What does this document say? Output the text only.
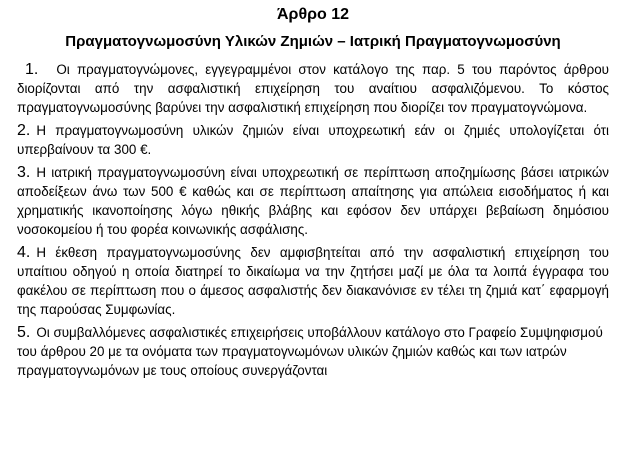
Άρθρο 12
Πραγματογνωμοσύνη Υλικών Ζημιών – Ιατρική Πραγματογνωμοσύνη

1. Οι πραγματογνώμονες, εγγεγραμμένοι στον κατάλογο της παρ. 5 του παρόντος άρθρου διορίζονται από την ασφαλιστική επιχείρηση του αναίτιου ασφαλιζόμενου. Το κόστος πραγματογνωμοσύνης βαρύνει την ασφαλιστική επιχείρηση που διορίζει τον πραγματογνώμονα.

2. Η πραγματογνωμοσύνη υλικών ζημιών είναι υποχρεωτική εάν οι ζημιές υπολογίζεται ότι υπερβαίνουν τα 300 €.

3. Η ιατρική πραγματογνωμοσύνη είναι υποχρεωτική σε περίπτωση αποζημίωσης βάσει ιατρικών αποδείξεων άνω των 500 € καθώς και σε περίπτωση απαίτησης για απώλεια εισοδήματος ή και χρηματικής ικανοποίησης λόγω ηθικής βλάβης και εφόσον δεν υπάρχει βεβαίωση δημόσιου νοσοκομείου ή του φορέα κοινωνικής ασφάλισης.

4. Η έκθεση πραγματογνωμοσύνης δεν αμφισβητείται από την ασφαλιστική επιχείρηση του υπαίτιου οδηγού η οποία διατηρεί το δικαίωμα να την ζητήσει μαζί με όλα τα λοιπά έγγραφα του φακέλου σε περίπτωση που ο άμεσος ασφαλιστής δεν διακανόνισε εν τέλει τη ζημιά κατ΄ εφαρμογή της παρούσας Συμφωνίας.

5. Οι συμβαλλόμενες ασφαλιστικές επιχειρήσεις υποβάλλουν κατάλογο στο Γραφείο Συμψηφισμού του άρθρου 20 με τα ονόματα των πραγματογνωμόνων υλικών ζημιών καθώς και των ιατρών πραγματογνωμόνων με τους οποίους συνεργάζονται
